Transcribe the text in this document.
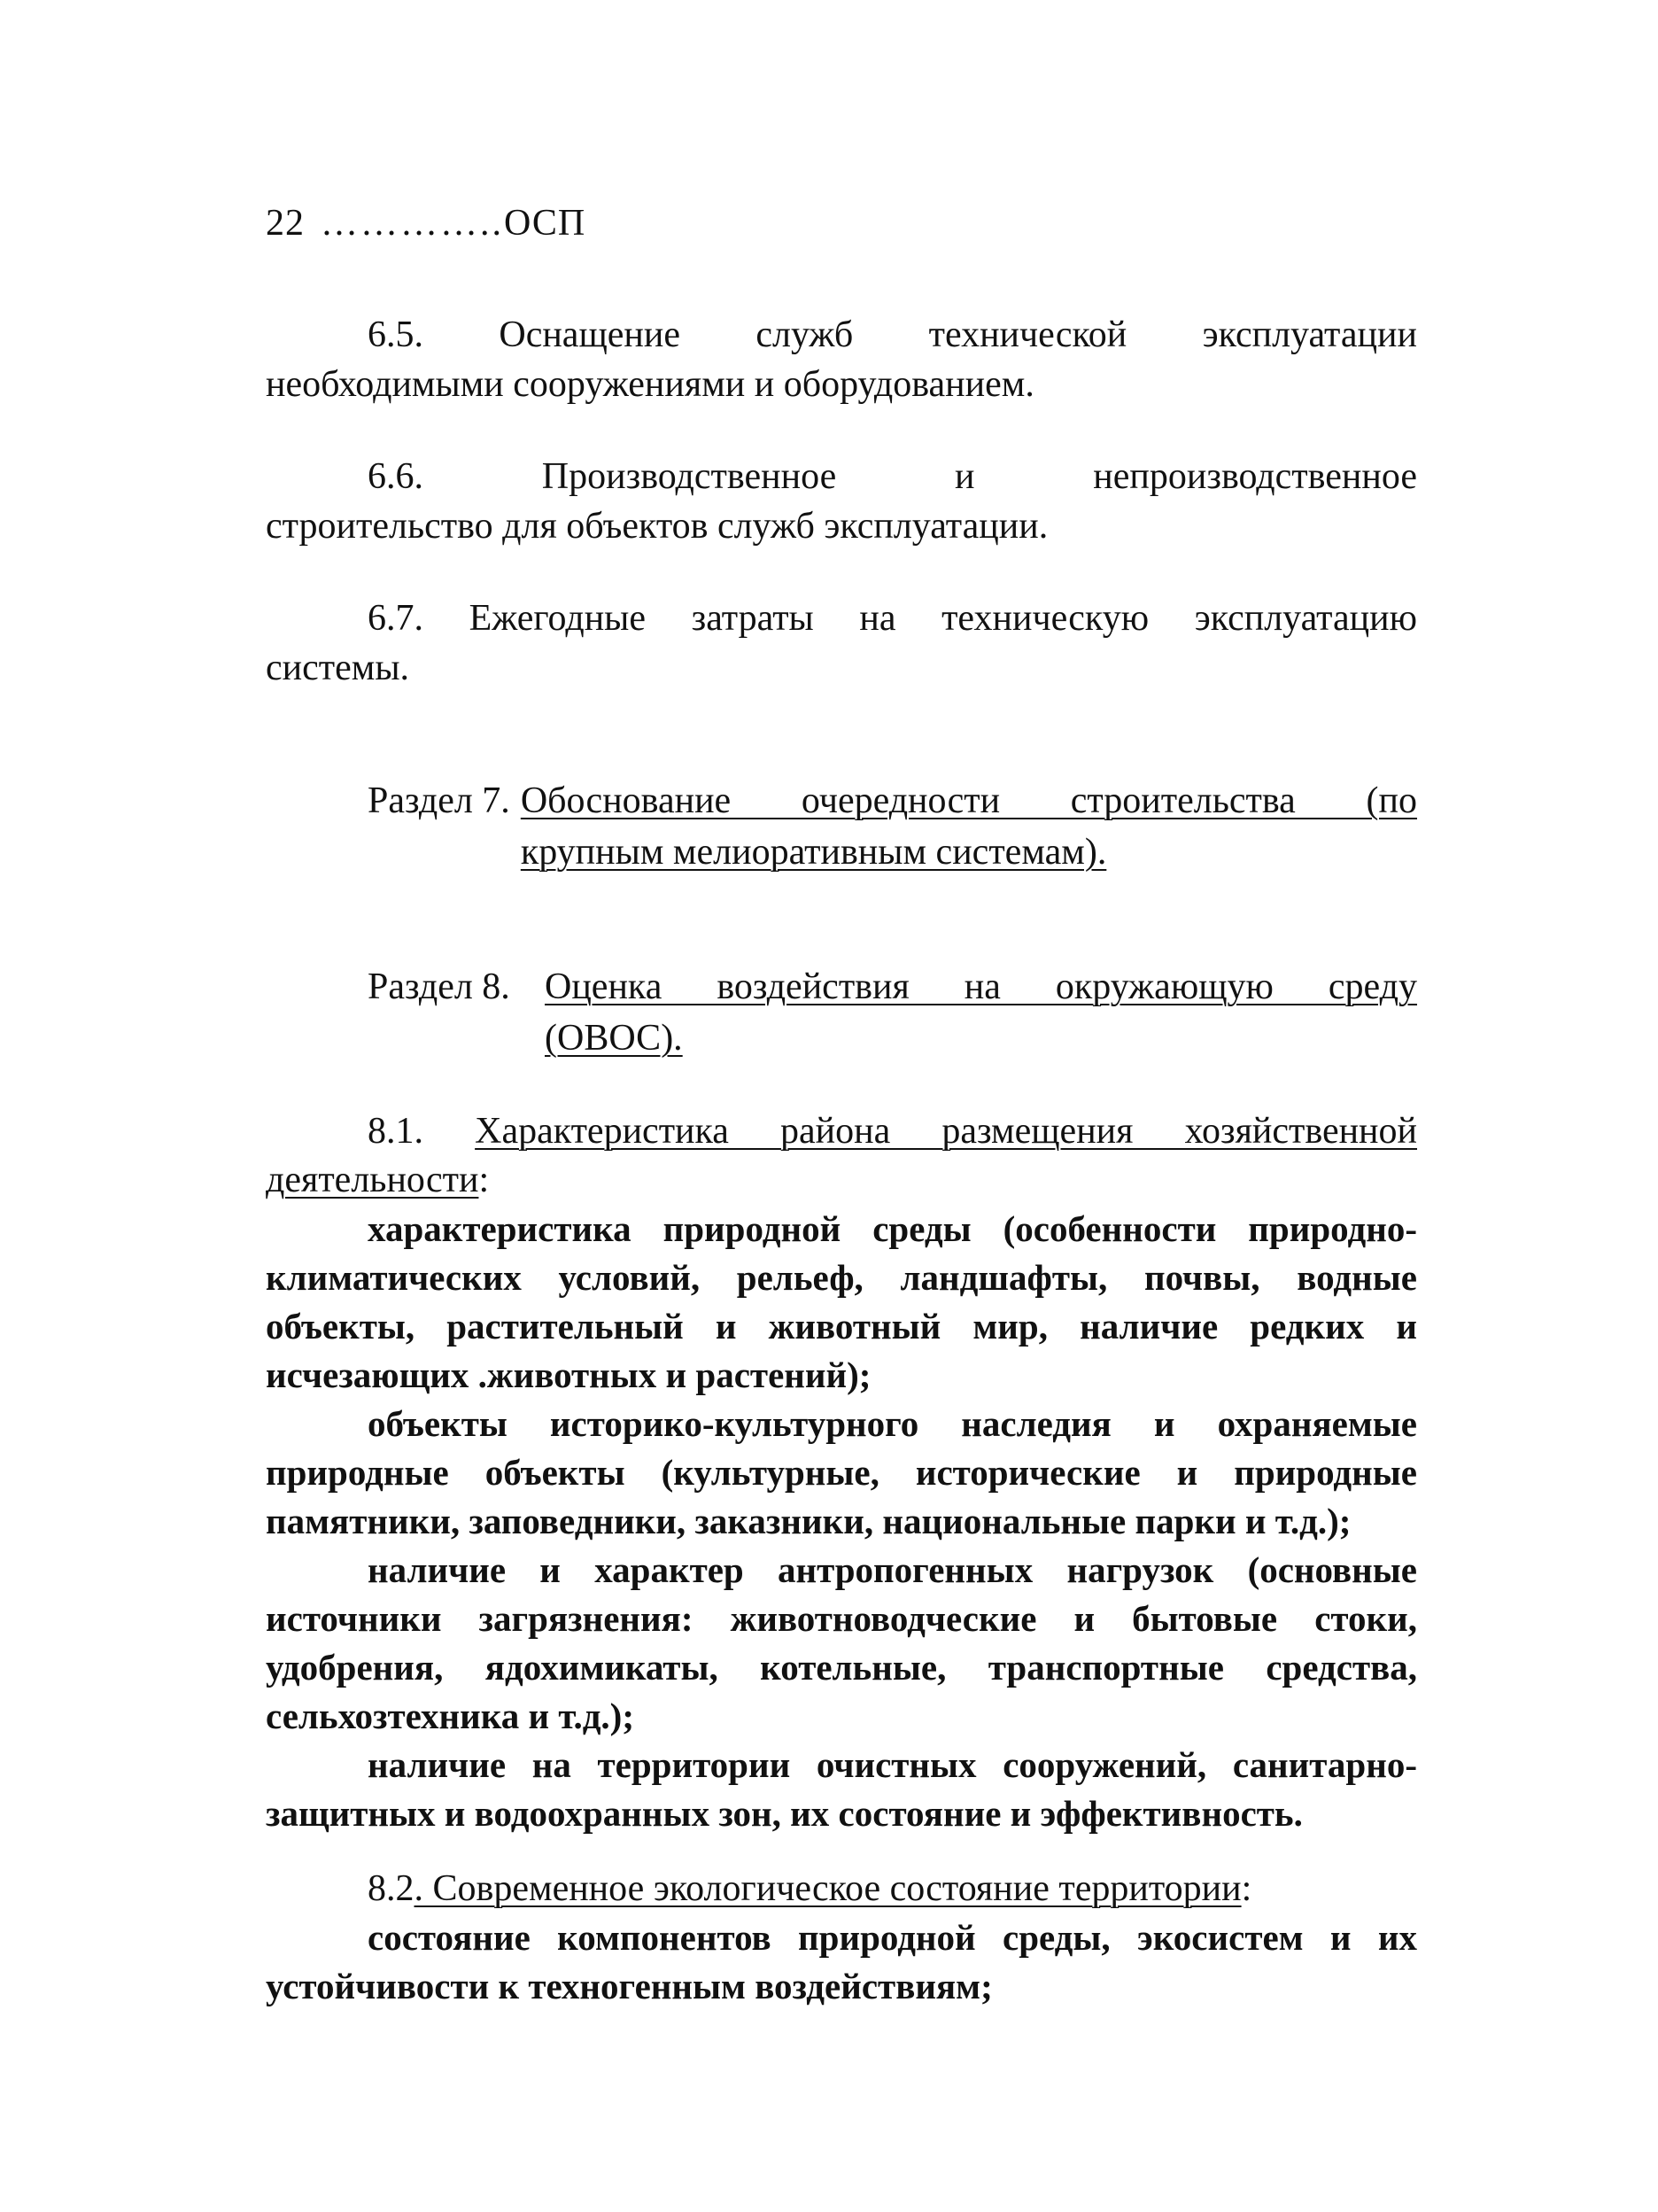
22 …………..ОСП
6.5. Оснащение служб технической эксплуатации
необходимыми сооружениями и оборудованием.
6.6.	Производственное и непроизводственное
строительство для объектов служб эксплуатации.
6.7. Ежегодные затраты на техническую эксплуатацию
системы.
Раздел 7. Обоснование очередности строительства (по
крупным мелиоративным системам).
Раздел 8. Оценка воздействия на окружающую среду
(ОВОС).
8.1. Характеристика района размещения хозяйственной
деятельности:
характеристика природной среды (особенности природно-
климатических условий, рельеф, ландшафты, почвы, водные
объекты, растительный и животный мир, наличие редких и
исчезающих .животных и растений);
объекты историко-культурного наследия и охраняемые
природные объекты (культурные, исторические и природные
памятники, заповедники, заказники, национальные парки и т.д.);
наличие и характер антропогенных нагрузок (основные
источники загрязнения: животноводческие и бытовые стоки,
удобрения, ядохимикаты, котельные, транспортные средства,
сельхозтехника и т.д.);
наличие на территории очистных сооружений, санитарно-
защитных и водоохранных зон, их состояние и эффективность.
8.2. Современное экологическое состояние территории:
состояние компонентов природной среды, экосистем и их
устойчивости к техногенным воздействиям;
